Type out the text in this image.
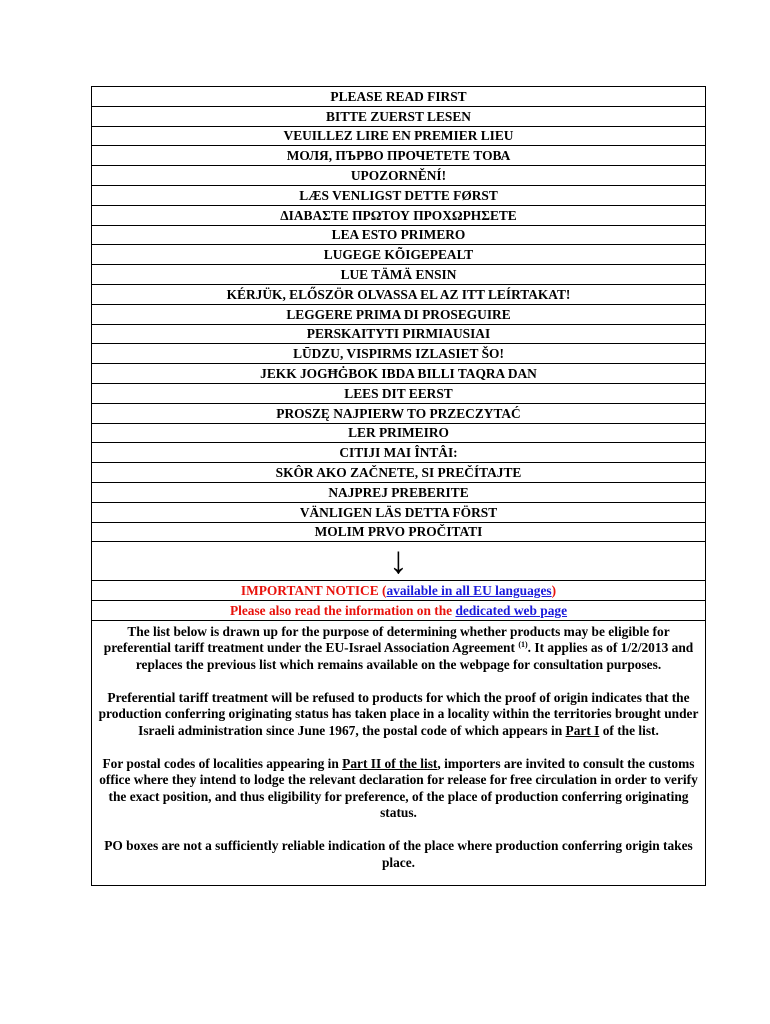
PLEASE READ FIRST
BITTE ZUERST LESEN
VEUILLEZ LIRE EN PREMIER LIEU
МОЛЯ, ПЪРВО ПРОЧЕТЕТЕ ТОВА
UPOZORNĚNÍ!
LÆS VENLIGST DETTE FØRST
ΔΙΑΒΑΣΤΕ ΠΡΩΤΟΥ ΠΡΟΧΩΡΗΣΕΤΕ
LEA ESTO PRIMERO
LUGEGE KÕIGEPEALT
LUE TÄMÄ ENSIN
KÉRJÜK, ELŐSZÖR OLVASSA EL AZ ITT LEÍRTAKAT!
LEGGERE PRIMA DI PROSEGUIRE
PERSKAITYTI PIRMIAUSIAI
LŪDZU, VISPIRMS IZLASIET ŠO!
JEKK JOGĦĠBOK IBDA BILLI TAQRA DAN
LEES DIT EERST
PROSZĘ NAJPIERW TO PRZECZYTAĆ
LER PRIMEIRO
CITIJI MAI ÎNTÂI:
SKÔR AKO ZAČNETE, SI PREČÍTAJTE
NAJPREJ PREBERITE
VÄNLIGEN LÄS DETTA FÖRST
MOLIM PRVO PROČITATI
↓
IMPORTANT NOTICE (available in all EU languages)
Please also read the information on the dedicated web page

The list below is drawn up for the purpose of determining whether products may be eligible for preferential tariff treatment under the EU-Israel Association Agreement $^{(1)}$. It applies as of 1/2/2013 and replaces the previous list which remains available on the webpage for consultation purposes.

Preferential tariff treatment will be refused to products for which the proof of origin indicates that the production conferring originating status has taken place in a locality within the territories brought under Israeli administration since June 1967, the postal code of which appears in Part I of the list.

For postal codes of localities appearing in Part II of the list, importers are invited to consult the customs office where they intend to lodge the relevant declaration for release for free circulation in order to verify the exact position, and thus eligibility for preference, of the place of production conferring originating status.

PO boxes are not a sufficiently reliable indication of the place where production conferring origin takes place.
